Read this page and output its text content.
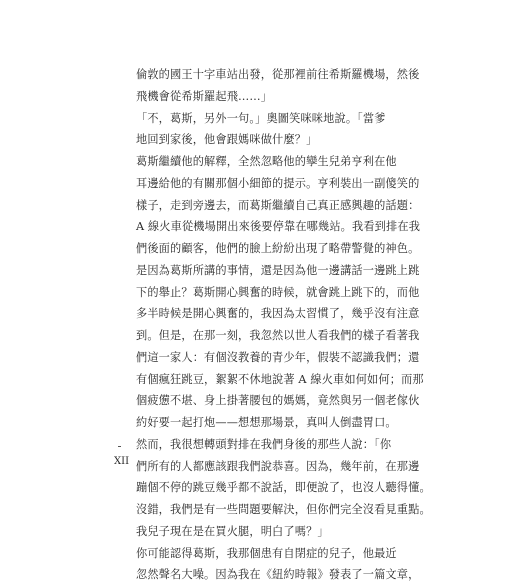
倫敦的國王十字車站出發，從那裡前往希斯羅機場，然後
飛機會從希斯羅起飛……」
「不，葛斯，另外一句。」奧圖笑咪咪地說。「當爹
地回到家後，他會跟媽咪做什麼？」
葛斯繼續他的解釋，全然忽略他的孿生兒弟亨利在他
耳邊給他的有關那個小細節的提示。亨利裝出一副傻笑的
樣子，走到旁邊去，而葛斯繼續自己真正感興趣的話題：
A 線火車從機場開出來後要停靠在哪幾站。我看到排在我
們後面的顧客，他們的臉上紛紛出現了略帶警覺的神色。
是因為葛斯所講的事情，還是因為他一邊講話一邊跳上跳
下的舉止？葛斯開心興奮的時候，就會跳上跳下的，而他
多半時候是開心興奮的，我因為太習慣了，幾乎沒有注意
到。但是，在那一刻，我忽然以世人看我們的樣子看著我
們這一家人：有個沒教養的青少年，假裝不認識我們；還
有個瘋狂跳豆，絮絮不休地說著 A 線火車如何如何；而那
個疲憊不堪、身上掛著腰包的媽媽，竟然與另一個老傢伙
約好要一起打炮——想想那場景，真叫人倒盡胃口。
然而，我很想轉頭對排在我們身後的那些人說：「你
們所有的人都應該跟我們說恭喜。因為，幾年前，在那邊
蹦個不停的跳豆幾乎都不說話，即便說了，也沒人聽得懂。
沒錯，我們是有一些問題要解決，但你們完全沒看見重點。
我兒子現在是在買火腿，明白了嗎？」
你可能認得葛斯，我那個患有自閉症的兒子，他最近
忽然聲名大噪。因為我在《紐約時報》發表了一篇文章，
XII
